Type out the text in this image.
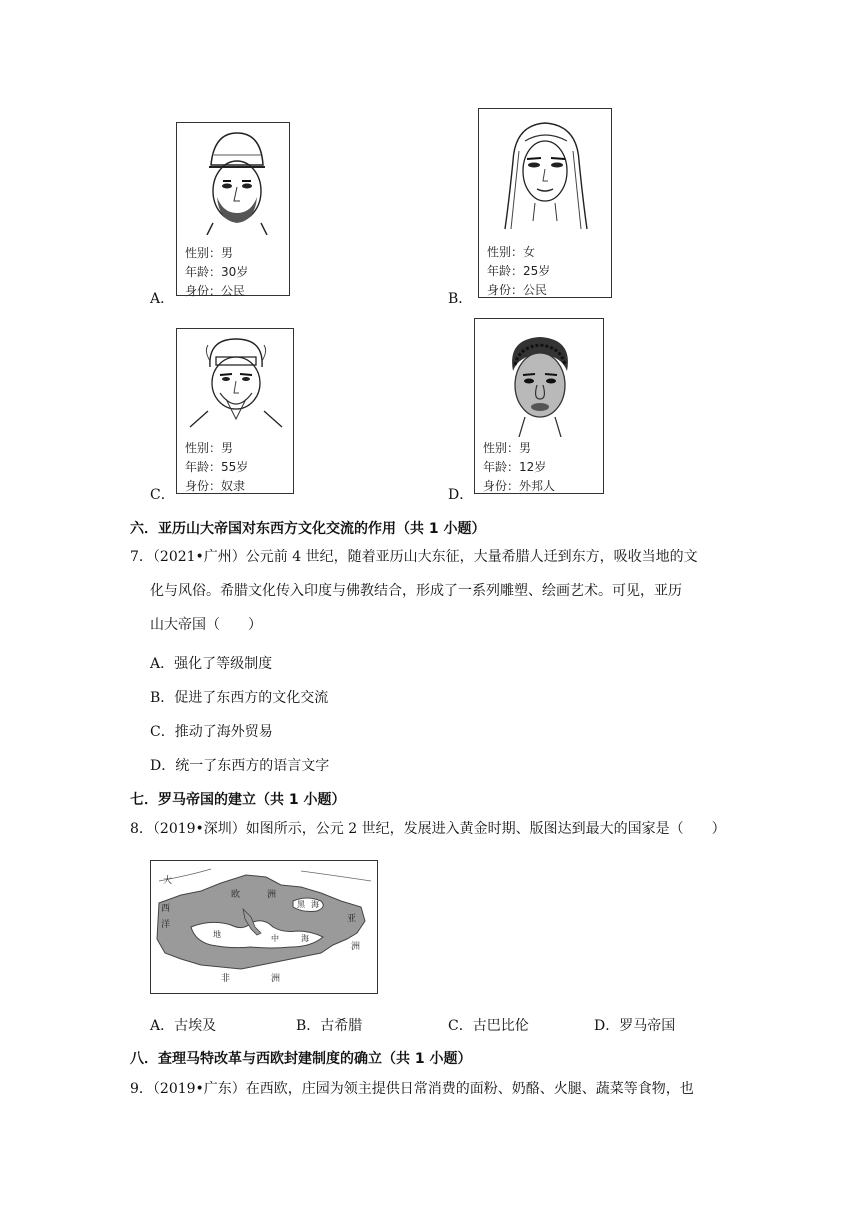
A．
性别：男
年龄：30岁
身份：公民	B．
性别：女
年龄：25岁
身份：公民
C．
性别：男
年龄：55岁
身份：奴隶
D．
性别：男
年龄：12岁
身份：外邦人
六．亚历山大帝国对东西方文化交流的作用（共 1 小题）
7．（2021•广州）公元前 4 世纪，随着亚历山大东征，大量希腊人迁到东方，吸收当地的文
化与风俗。希腊文化传入印度与佛教结合，形成了一系列雕塑、绘画艺术。可见，亚历
山大帝国（　　）
A．强化了等级制度
B．促进了东西方的文化交流
C．推动了海外贸易
D．统一了东西方的语言文字
七．罗马帝国的建立（共 1 小题）
8．（2019•深圳）如图所示，公元 2 世纪，发展进入黄金时期、版图达到最大的国家是（　　）
大
西
洋
欧	洲
黑 海
地	中	海
亚
洲
非	洲
A．古埃及	B．古希腊	C．古巴比伦	D．罗马帝国
八．查理马特改革与西欧封建制度的确立（共 1 小题）
9．（2019•广东）在西欧，庄园为领主提供日常消费的面粉、奶酪、火腿、蔬菜等食物，也
